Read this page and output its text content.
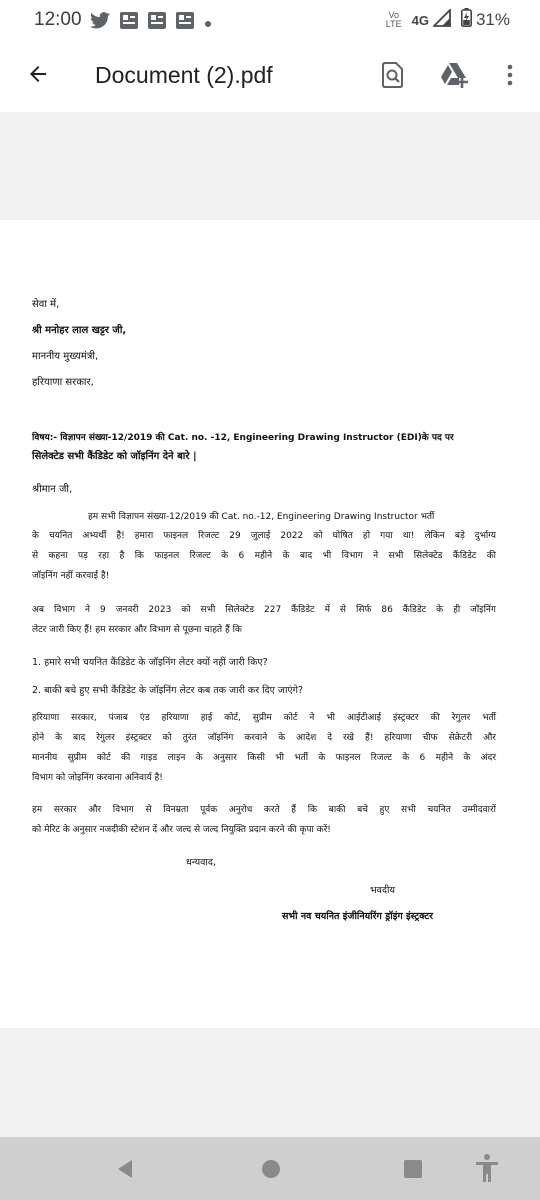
12:00	Vo
LTE 4G	31%
Document (2).pdf
सेवा में,
श्री मनोहर लाल खट्टर जी,
माननीय मुख्यमंत्री,
हरियाणा सरकार,
विषय:- विज्ञापन संख्या-12/2019 की Cat. no. -12, Engineering Drawing Instructor (EDI)के पद पर
सिलेक्टेड सभी कैंडिडेट को जॉइनिंग देने बारे |
श्रीमान जी,
हम सभी विज्ञापन संख्या-12/2019 की Cat. no.-12, Engineering Drawing Instructor भर्ती
के चयनित अभ्यर्थी है! हमारा फाइनल रिजल्ट 29 जुलाई 2022 को घोषित हो गया था! लेकिन बड़े दुर्भाग्य
से कहना पड़ रहा है कि फाइनल रिजल्ट के 6 महीने के बाद भी विभाग ने सभी सिलेक्टेड कैंडिडेट की
जॉइनिंग नहीं करवाई है!
अब विभाग ने 9 जनवरी 2023 को सभी सिलेक्टेड 227 कैंडिडेट में से सिर्फ 86 कैंडिडेट के ही जॉइनिंग
लेटर जारी किए हैं! हम सरकार और विभाग से पूछना चाहते हैं कि
1. हमारे सभी चयनित कैंडिडेट के जॉइनिंग लेटर क्यों नहीं जारी किए?
2. बाकी बचे हुए सभी कैंडिडेट के जॉइनिंग लेटर कब तक जारी कर दिए जाएंगे?
हरियाणा सरकार, पंजाब एंड हरियाणा हाई कोर्ट, सुप्रीम कोर्ट ने भी आईटीआई इंस्ट्रक्टर की रेगुलर भर्ती
होने के बाद रेगुलर इंस्ट्रक्टर को तुरंत जॉइनिंग करवाने के आदेश दे रखे हैं! हरियाणा चीफ सेक्रेटरी और
माननीय सुप्रीम कोर्ट की गाइड लाइन के अनुसार किसी भी भर्ती के फाइनल रिजल्ट के 6 महीने के अंदर
विभाग को जोइनिंग करवाना अनिवार्य है!
हम सरकार और विभाग से विनम्रता पूर्वक अनुरोध करते हैं कि बाकी बचे हुए सभी चयनित उम्मीदवारों
को मेरिट के अनुसार नजदीकी स्टेशन दें और जल्द से जल्द नियुक्ति प्रदान करने की कृपा करें!
धन्यवाद,
भवदीय
सभी नव चयनित इंजीनियरिंग ड्रॉइंग इंस्ट्रक्टर
